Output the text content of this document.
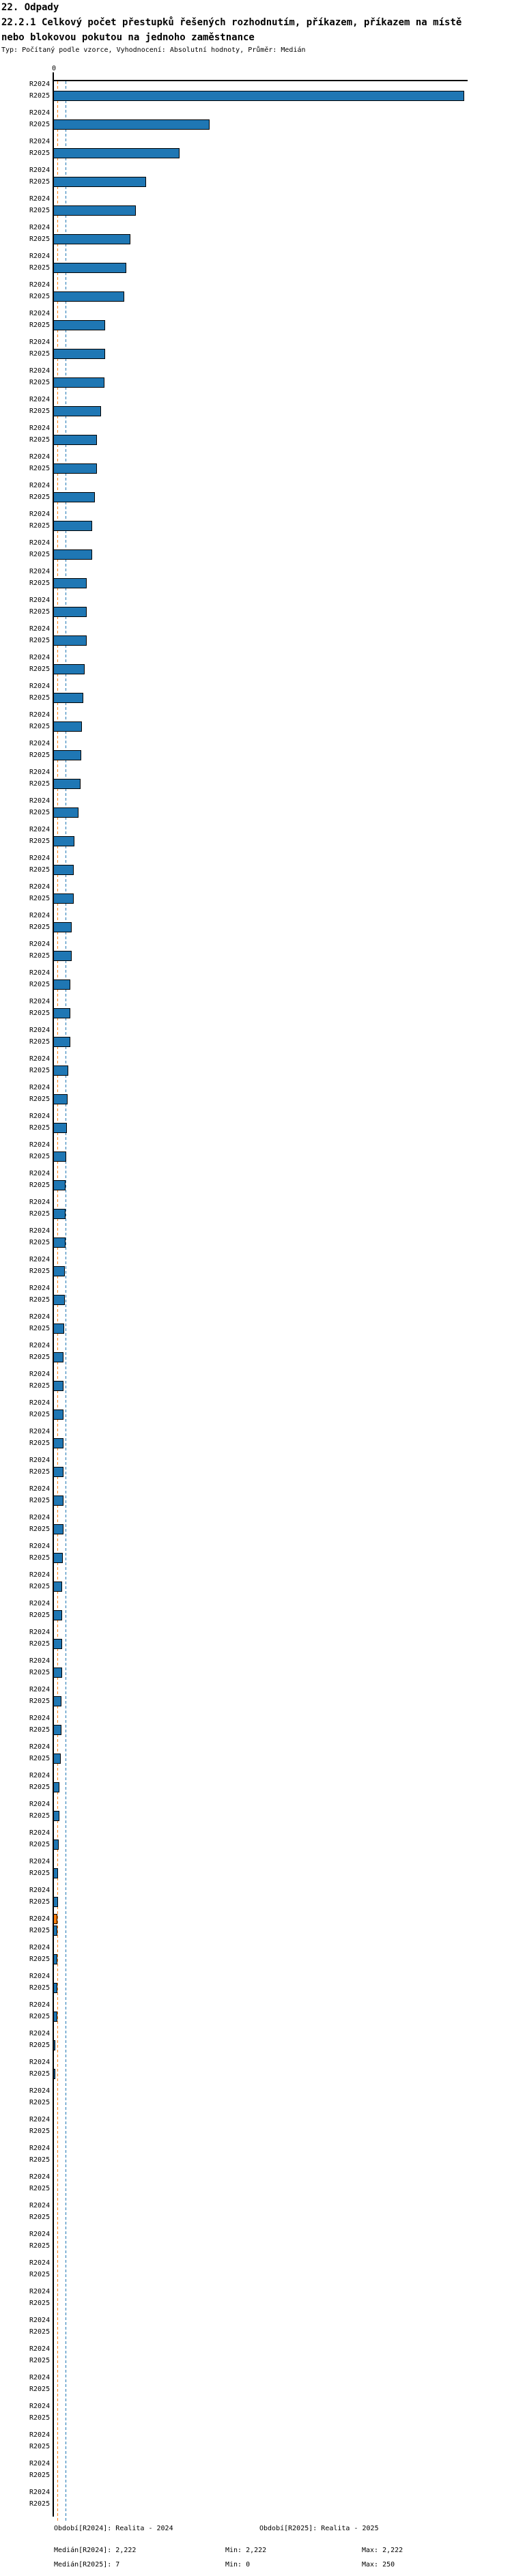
22. Odpady
22.2.1 Celkový počet přestupků řešených rozhodnutím, příkazem, příkazem na místě
nebo blokovou pokutou na jednoho zaměstnance
Typ: Počítaný podle vzorce, Vyhodnocení: Absolutní hodnoty, Průměr: Medián
0
R2024
R2025
R2024
R2025
R2024
R2025
R2024
R2025
R2024
R2025
R2024
R2025
R2024
R2025
R2024
R2025
R2024
R2025
R2024
R2025
R2024
R2025
R2024
R2025
R2024
R2025
R2024
R2025
R2024
R2025
R2024
R2025
R2024
R2025
R2024
R2025
R2024
R2025
R2024
R2025
R2024
R2025
R2024
R2025
R2024
R2025
R2024
R2025
R2024
R2025
R2024
R2025
R2024
R2025
R2024
R2025
R2024
R2025
R2024
R2025
R2024
R2025
R2024
R2025
R2024
R2025
R2024
R2025
R2024
R2025
R2024
R2025
R2024
R2025
R2024
R2025
R2024
R2025
R2024
R2025
R2024
R2025
R2024
R2025
R2024
R2025
R2024
R2025
R2024
R2025
R2024
R2025
R2024
R2025
R2024
R2025
R2024
R2025
R2024
R2025
R2024
R2025
R2024
R2025
R2024
R2025
R2024
R2025
R2024
R2025
R2024
R2025
R2024
R2025
R2024
R2025
R2024
R2025
R2024
R2025
R2024
R2025
R2024
R2025
R2024
R2025
R2024
R2025
R2024
R2025
R2024
R2025
R2024
R2025
R2024
R2025
R2024
R2025
R2024
R2025
R2024
R2025
R2024
R2025
R2024
R2025
R2024
R2025
R2024
R2025
R2024
R2025
R2024
R2025
R2024
R2025
R2024
R2025
R2024
R2025
R2024
R2025
R2024
R2025
R2024
R2025
R2024
R2025
R2024
R2025
Období[R2024]: Realita - 2024	Období[R2025]: Realita - 2025
Medián[R2024]: 2,222	Min: 2,222	Max: 2,222
Medián[R2025]: 7	Min: 0	Max: 250
